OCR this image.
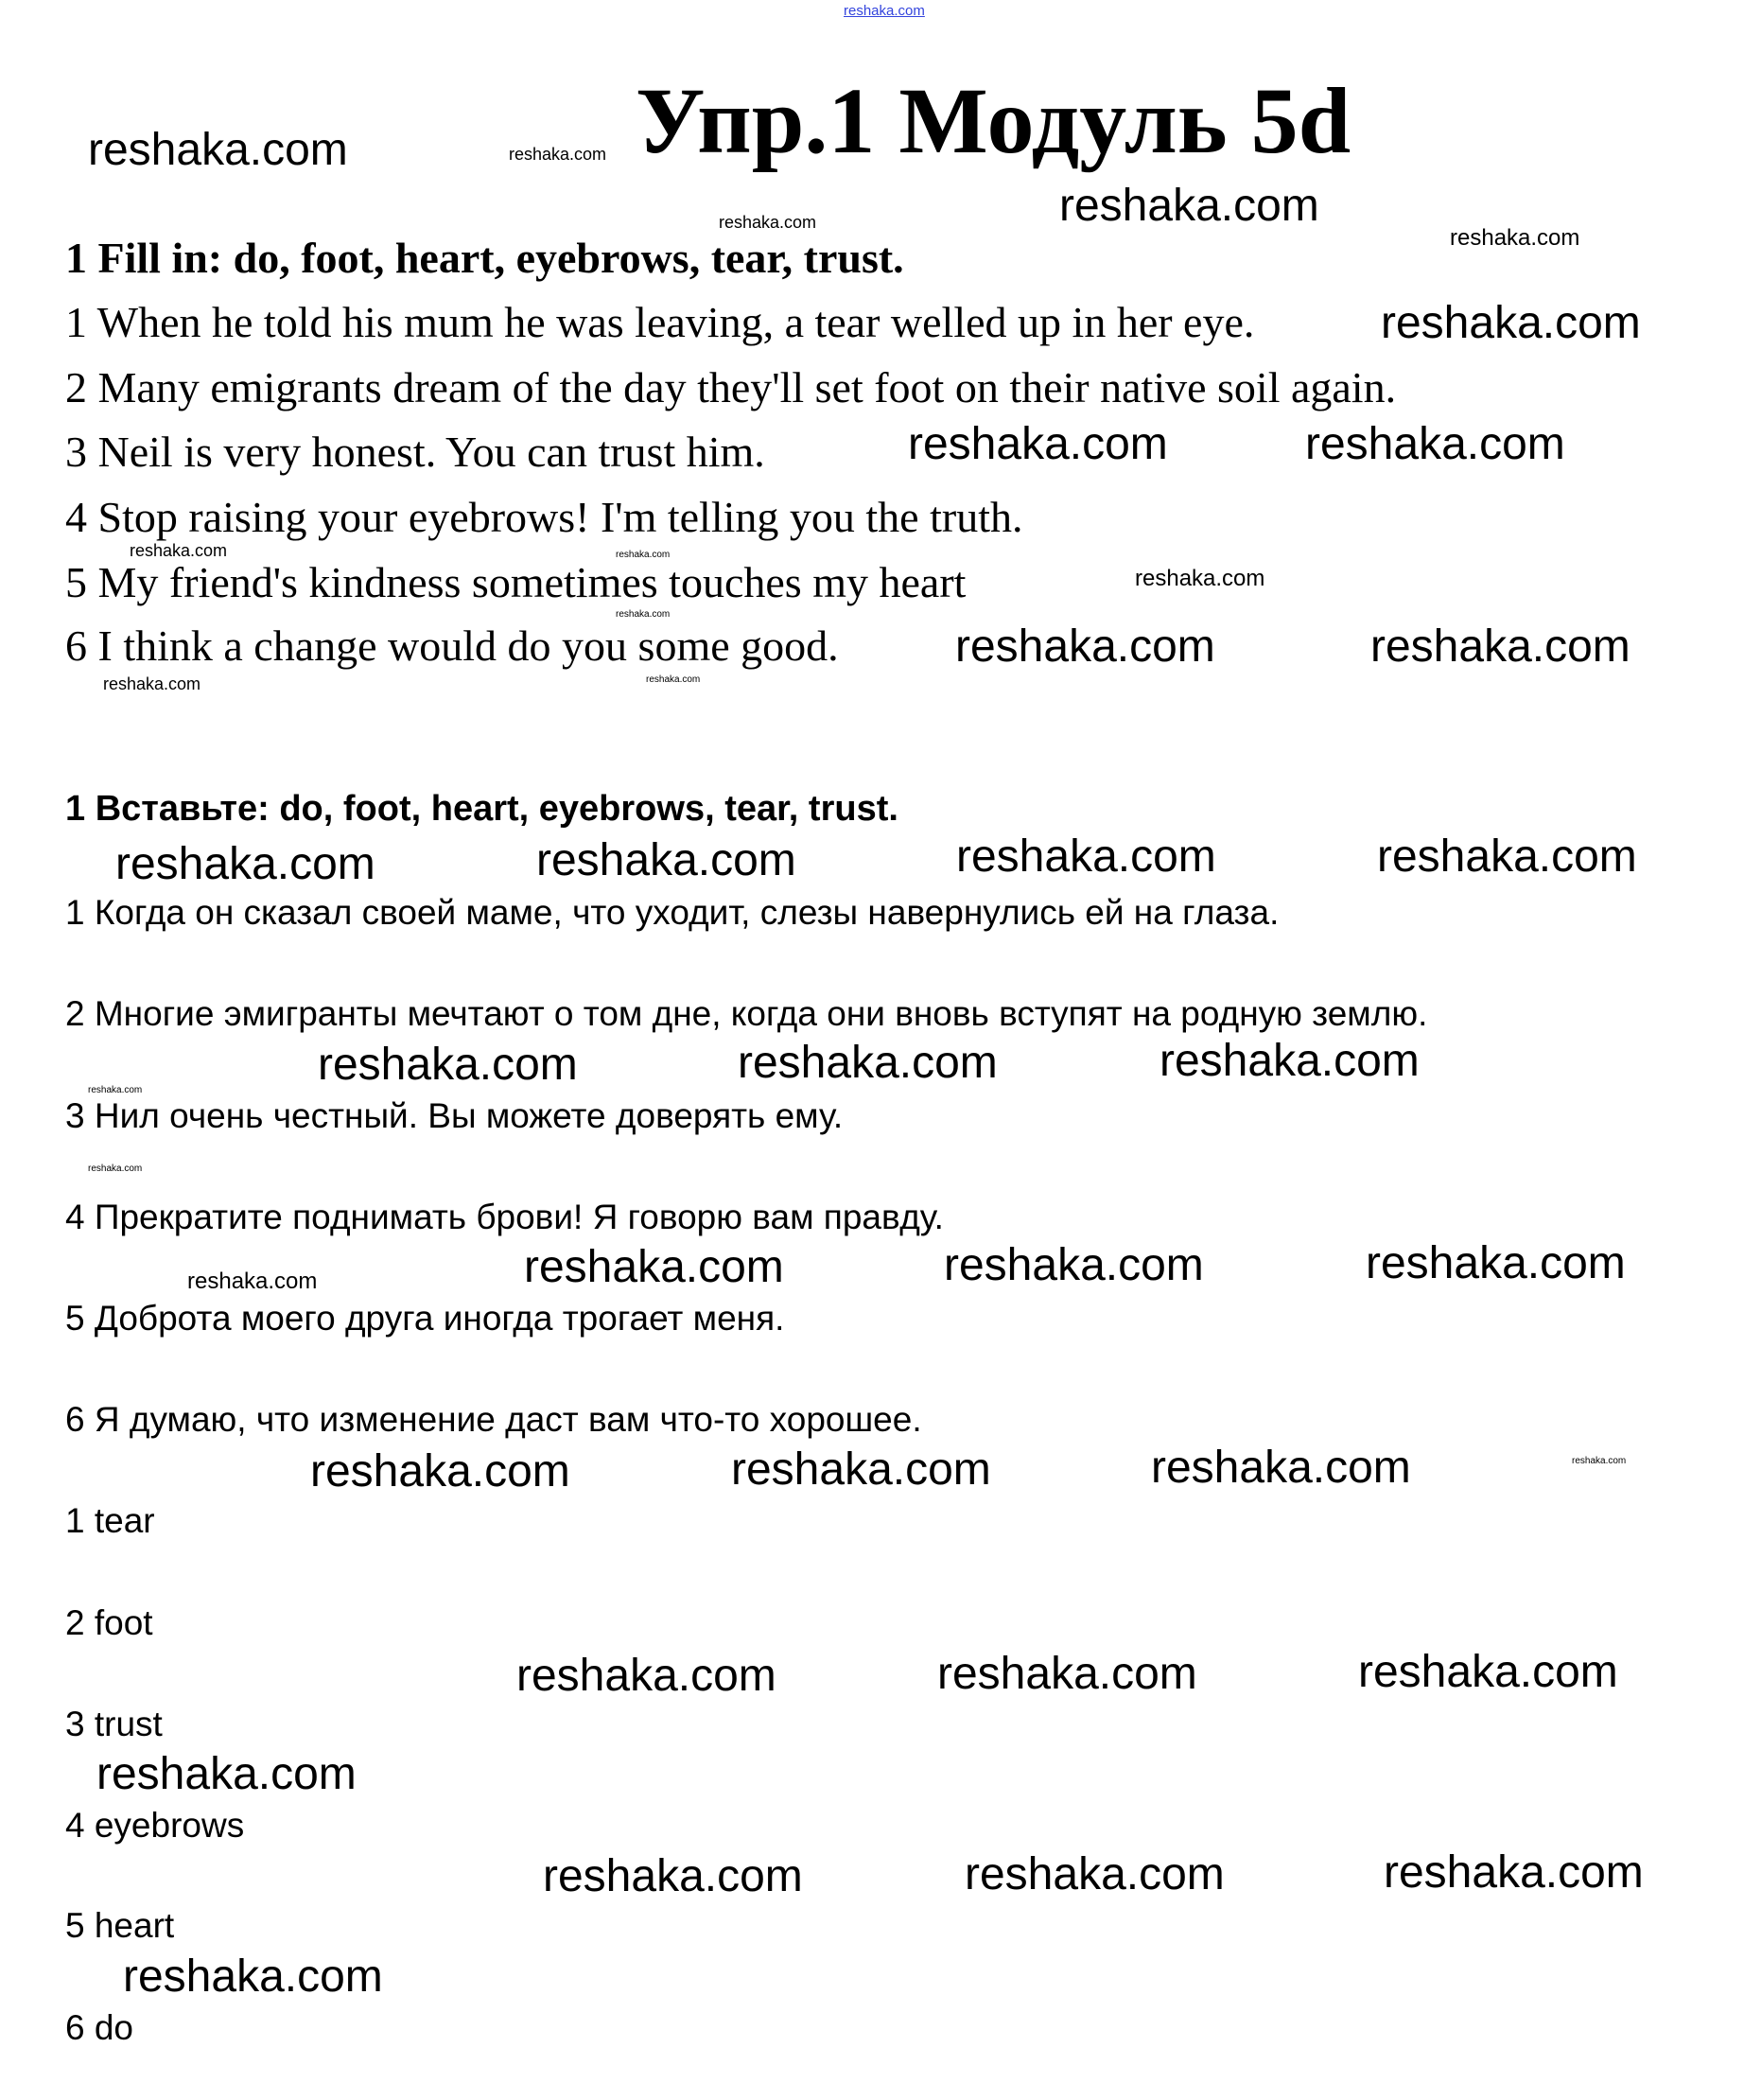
reshaka.com
Упр.1 Модуль 5d
1 Fill in: do, foot, heart, eyebrows, tear, trust.
1 When he told his mum he was leaving, a tear welled up in her eye.
2 Many emigrants dream of the day they'll set foot on their native soil again.
3 Neil is very honest. You can trust him.
4 Stop raising your eyebrows! I'm telling you the truth.
5 My friend's kindness sometimes touches my heart
6 I think a change would do you some good.
1 Вставьте: do, foot, heart, eyebrows, tear, trust.
1 Когда он сказал своей маме, что уходит, слезы навернулись ей на глаза.
2 Многие эмигранты мечтают о том дне, когда они вновь вступят на родную землю.
3 Нил очень честный. Вы можете доверять ему.
4 Прекратите поднимать брови! Я говорю вам правду.
5 Доброта моего друга иногда трогает меня.
6 Я думаю, что изменение даст вам что-то хорошее.
1 tear
2 foot
3 trust
4 eyebrows
5 heart
6 do
reshaka.com	reshaka.com
reshaka.com	reshaka.com
reshaka.com
reshaka.com
reshaka.com	reshaka.com
reshaka.com	reshaka.com
reshaka.com
reshaka.com
reshaka.com	reshaka.com
reshaka.com	reshaka.com
reshaka.com	reshaka.com	reshaka.com	reshaka.com
reshaka.com	reshaka.com	reshaka.com
reshaka.com
reshaka.com
reshaka.com	reshaka.com	reshaka.com	reshaka.com
reshaka.com
reshaka.com	reshaka.com	reshaka.com
reshaka.com	reshaka.com	reshaka.com
reshaka.com
reshaka.com	reshaka.com	reshaka.com
reshaka.com
